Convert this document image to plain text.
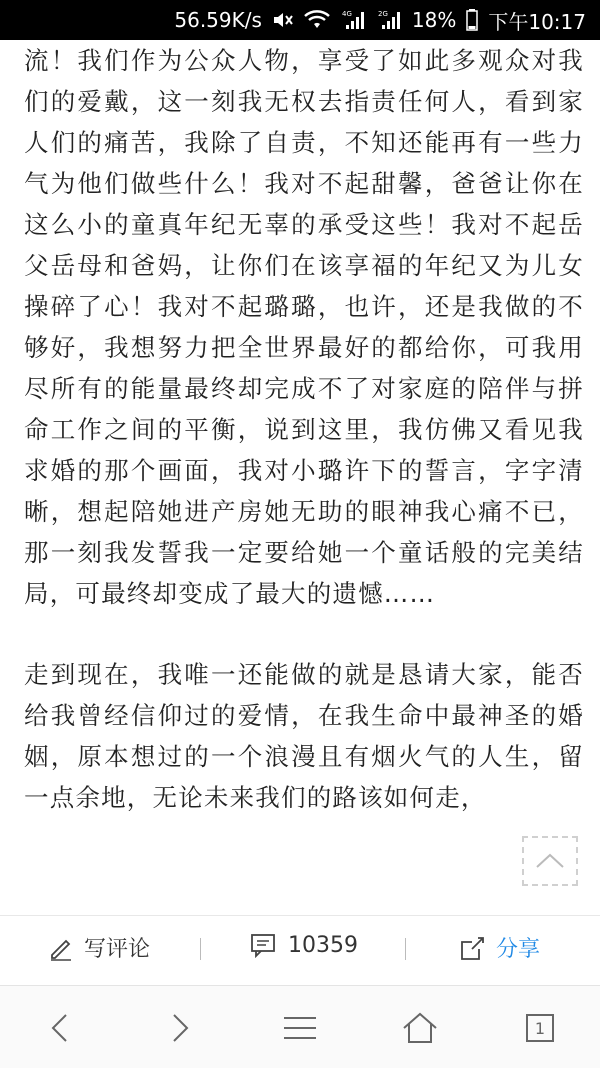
56.59K/s	4G	2G 18% 下午10:17

流！我们作为公众人物，享受了如此多观众对我们的爱戴，这一刻我无权去指责任何人，看到家人们的痛苦，我除了自责，不知还能再有一些力气为他们做些什么！我对不起甜馨，爸爸让你在这么小的童真年纪无辜的承受这些！我对不起岳父岳母和爸妈，让你们在该享福的年纪又为儿女操碎了心！我对不起璐璐，也许，还是我做的不够好，我想努力把全世界最好的都给你，可我用尽所有的能量最终却完成不了对家庭的陪伴与拼命工作之间的平衡，说到这里，我仿佛又看见我求婚的那个画面，我对小璐许下的誓言，字字清晰，想起陪她进产房她无助的眼神我心痛不已，那一刻我发誓我一定要给她一个童话般的完美结局，可最终却变成了最大的遗憾……

走到现在，我唯一还能做的就是恳请大家，能否给我曾经信仰过的爱情，在我生命中最神圣的婚姻，原本想过的一个浪漫且有烟火气的人生，留一点余地，无论未来我们的路该如何走，

写评论	10359	分享
1
